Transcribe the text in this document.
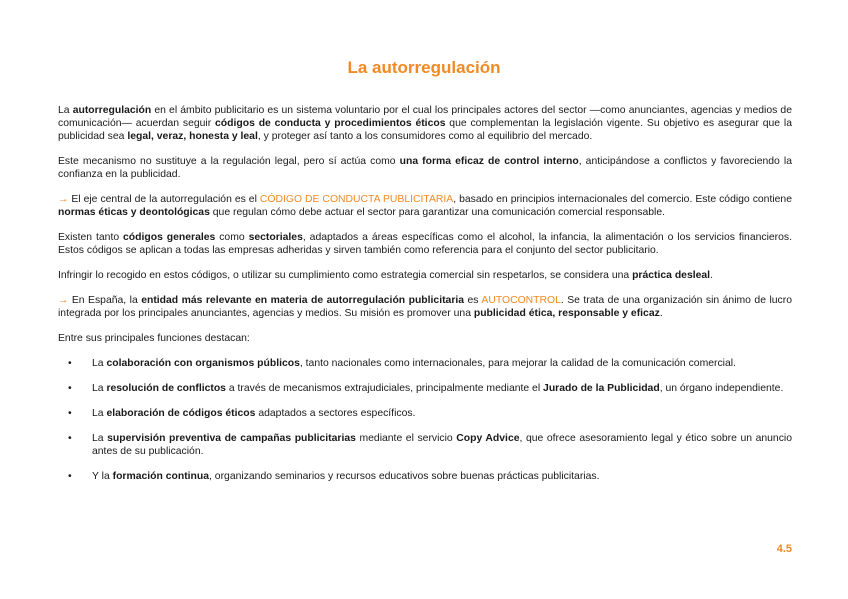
La autorregulación

La autorregulación en el ámbito publicitario es un sistema voluntario por el cual los principales actores del sector —como anunciantes, agencias y medios de comunicación— acuerdan seguir códigos de conducta y procedimientos éticos que complementan la legislación vigente. Su objetivo es asegurar que la publicidad sea legal, veraz, honesta y leal, y proteger así tanto a los consumidores como al equilibrio del mercado.

Este mecanismo no sustituye a la regulación legal, pero sí actúa como una forma eficaz de control interno, anticipándose a conflictos y favoreciendo la confianza en la publicidad.

→ El eje central de la autorregulación es el CÓDIGO DE CONDUCTA PUBLICITARIA, basado en principios internacionales del comercio. Este código contiene normas éticas y deontológicas que regulan cómo debe actuar el sector para garantizar una comunicación comercial responsable.

Existen tanto códigos generales como sectoriales, adaptados a áreas específicas como el alcohol, la infancia, la alimentación o los servicios financieros. Estos códigos se aplican a todas las empresas adheridas y sirven también como referencia para el conjunto del sector publicitario.

Infringir lo recogido en estos códigos, o utilizar su cumplimiento como estrategia comercial sin respetarlos, se considera una práctica desleal.

→ En España, la entidad más relevante en materia de autorregulación publicitaria es AUTOCONTROL. Se trata de una organización sin ánimo de lucro integrada por los principales anunciantes, agencias y medios. Su misión es promover una publicidad ética, responsable y eficaz.

Entre sus principales funciones destacan:

• La colaboración con organismos públicos, tanto nacionales como internacionales, para mejorar la calidad de la comunicación comercial.
• La resolución de conflictos a través de mecanismos extrajudiciales, principalmente mediante el Jurado de la Publicidad, un órgano independiente.
• La elaboración de códigos éticos adaptados a sectores específicos.
• La supervisión preventiva de campañas publicitarias mediante el servicio Copy Advice, que ofrece asesoramiento legal y ético sobre un anuncio antes de su publicación.
• Y la formación continua, organizando seminarios y recursos educativos sobre buenas prácticas publicitarias.
4.5
